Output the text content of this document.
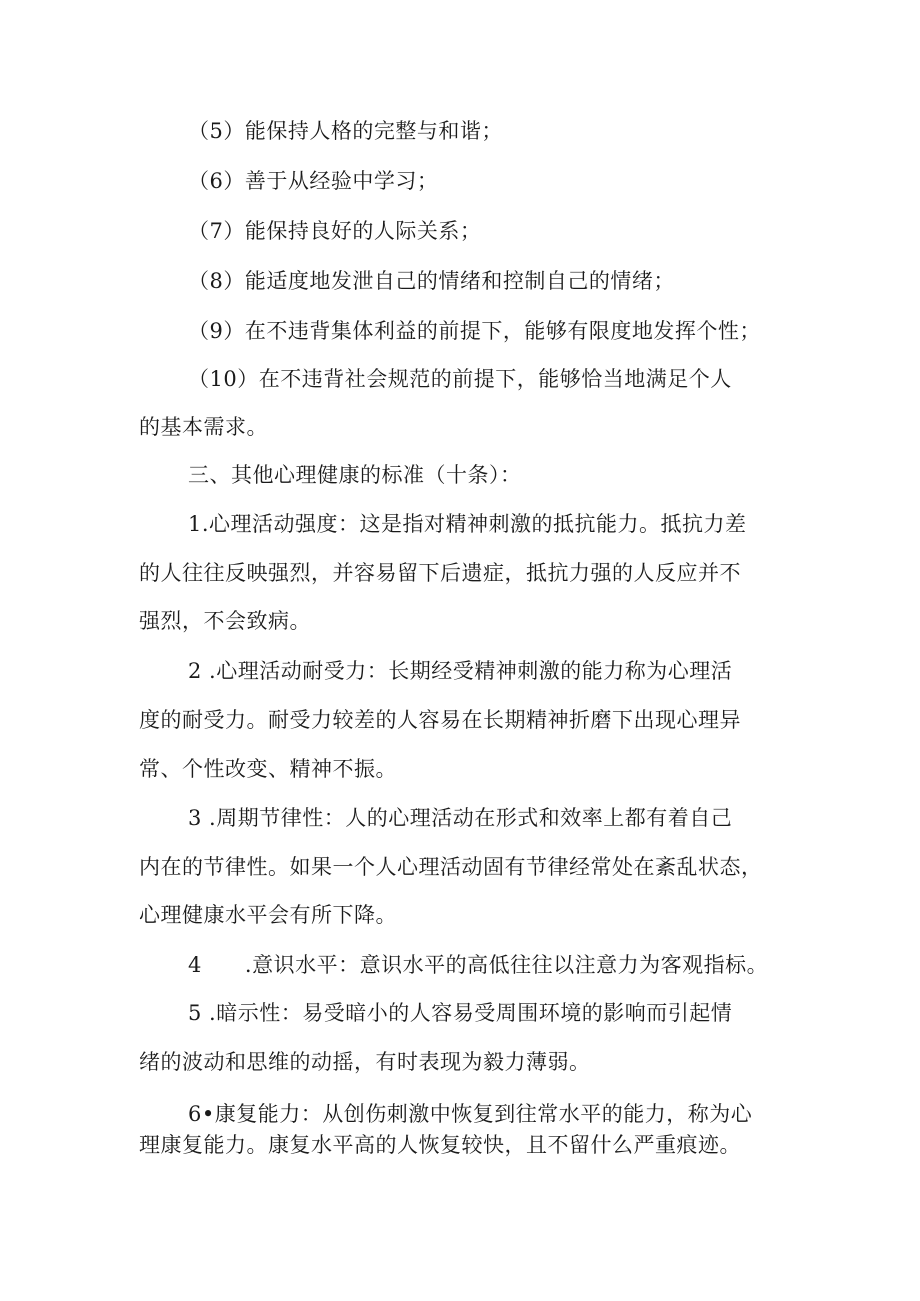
（5）能保持人格的完整与和谐；
（6）善于从经验中学习；
（7）能保持良好的人际关系；
（8）能适度地发泄自己的情绪和控制自己的情绪；
（9）在不违背集体利益的前提下，能够有限度地发挥个性；
（10）在不违背社会规范的前提下，能够恰当地满足个人
的基本需求。
三、其他心理健康的标准（十条）：
1.心理活动强度：这是指对精神刺激的抵抗能力。抵抗力差
的人往往反映强烈，并容易留下后遗症，抵抗力强的人反应并不
强烈，不会致病。
2 .心理活动耐受力：长期经受精神刺激的能力称为心理活
度的耐受力。耐受力较差的人容易在长期精神折磨下出现心理异
常、个性改变、精神不振。
3 .周期节律性：人的心理活动在形式和效率上都有着自己
内在的节律性。如果一个人心理活动固有节律经常处在紊乱状态，
心理健康水平会有所下降。
4      .意识水平：意识水平的高低往往以注意力为客观指标。
5 .暗示性：易受暗小的人容易受周围环境的影响而引起情
绪的波动和思维的动摇，有时表现为毅力薄弱。
6•康复能力：从创伤刺激中恢复到往常水平的能力，称为心
理康复能力。康复水平高的人恢复较快，且不留什么严重痕迹。
